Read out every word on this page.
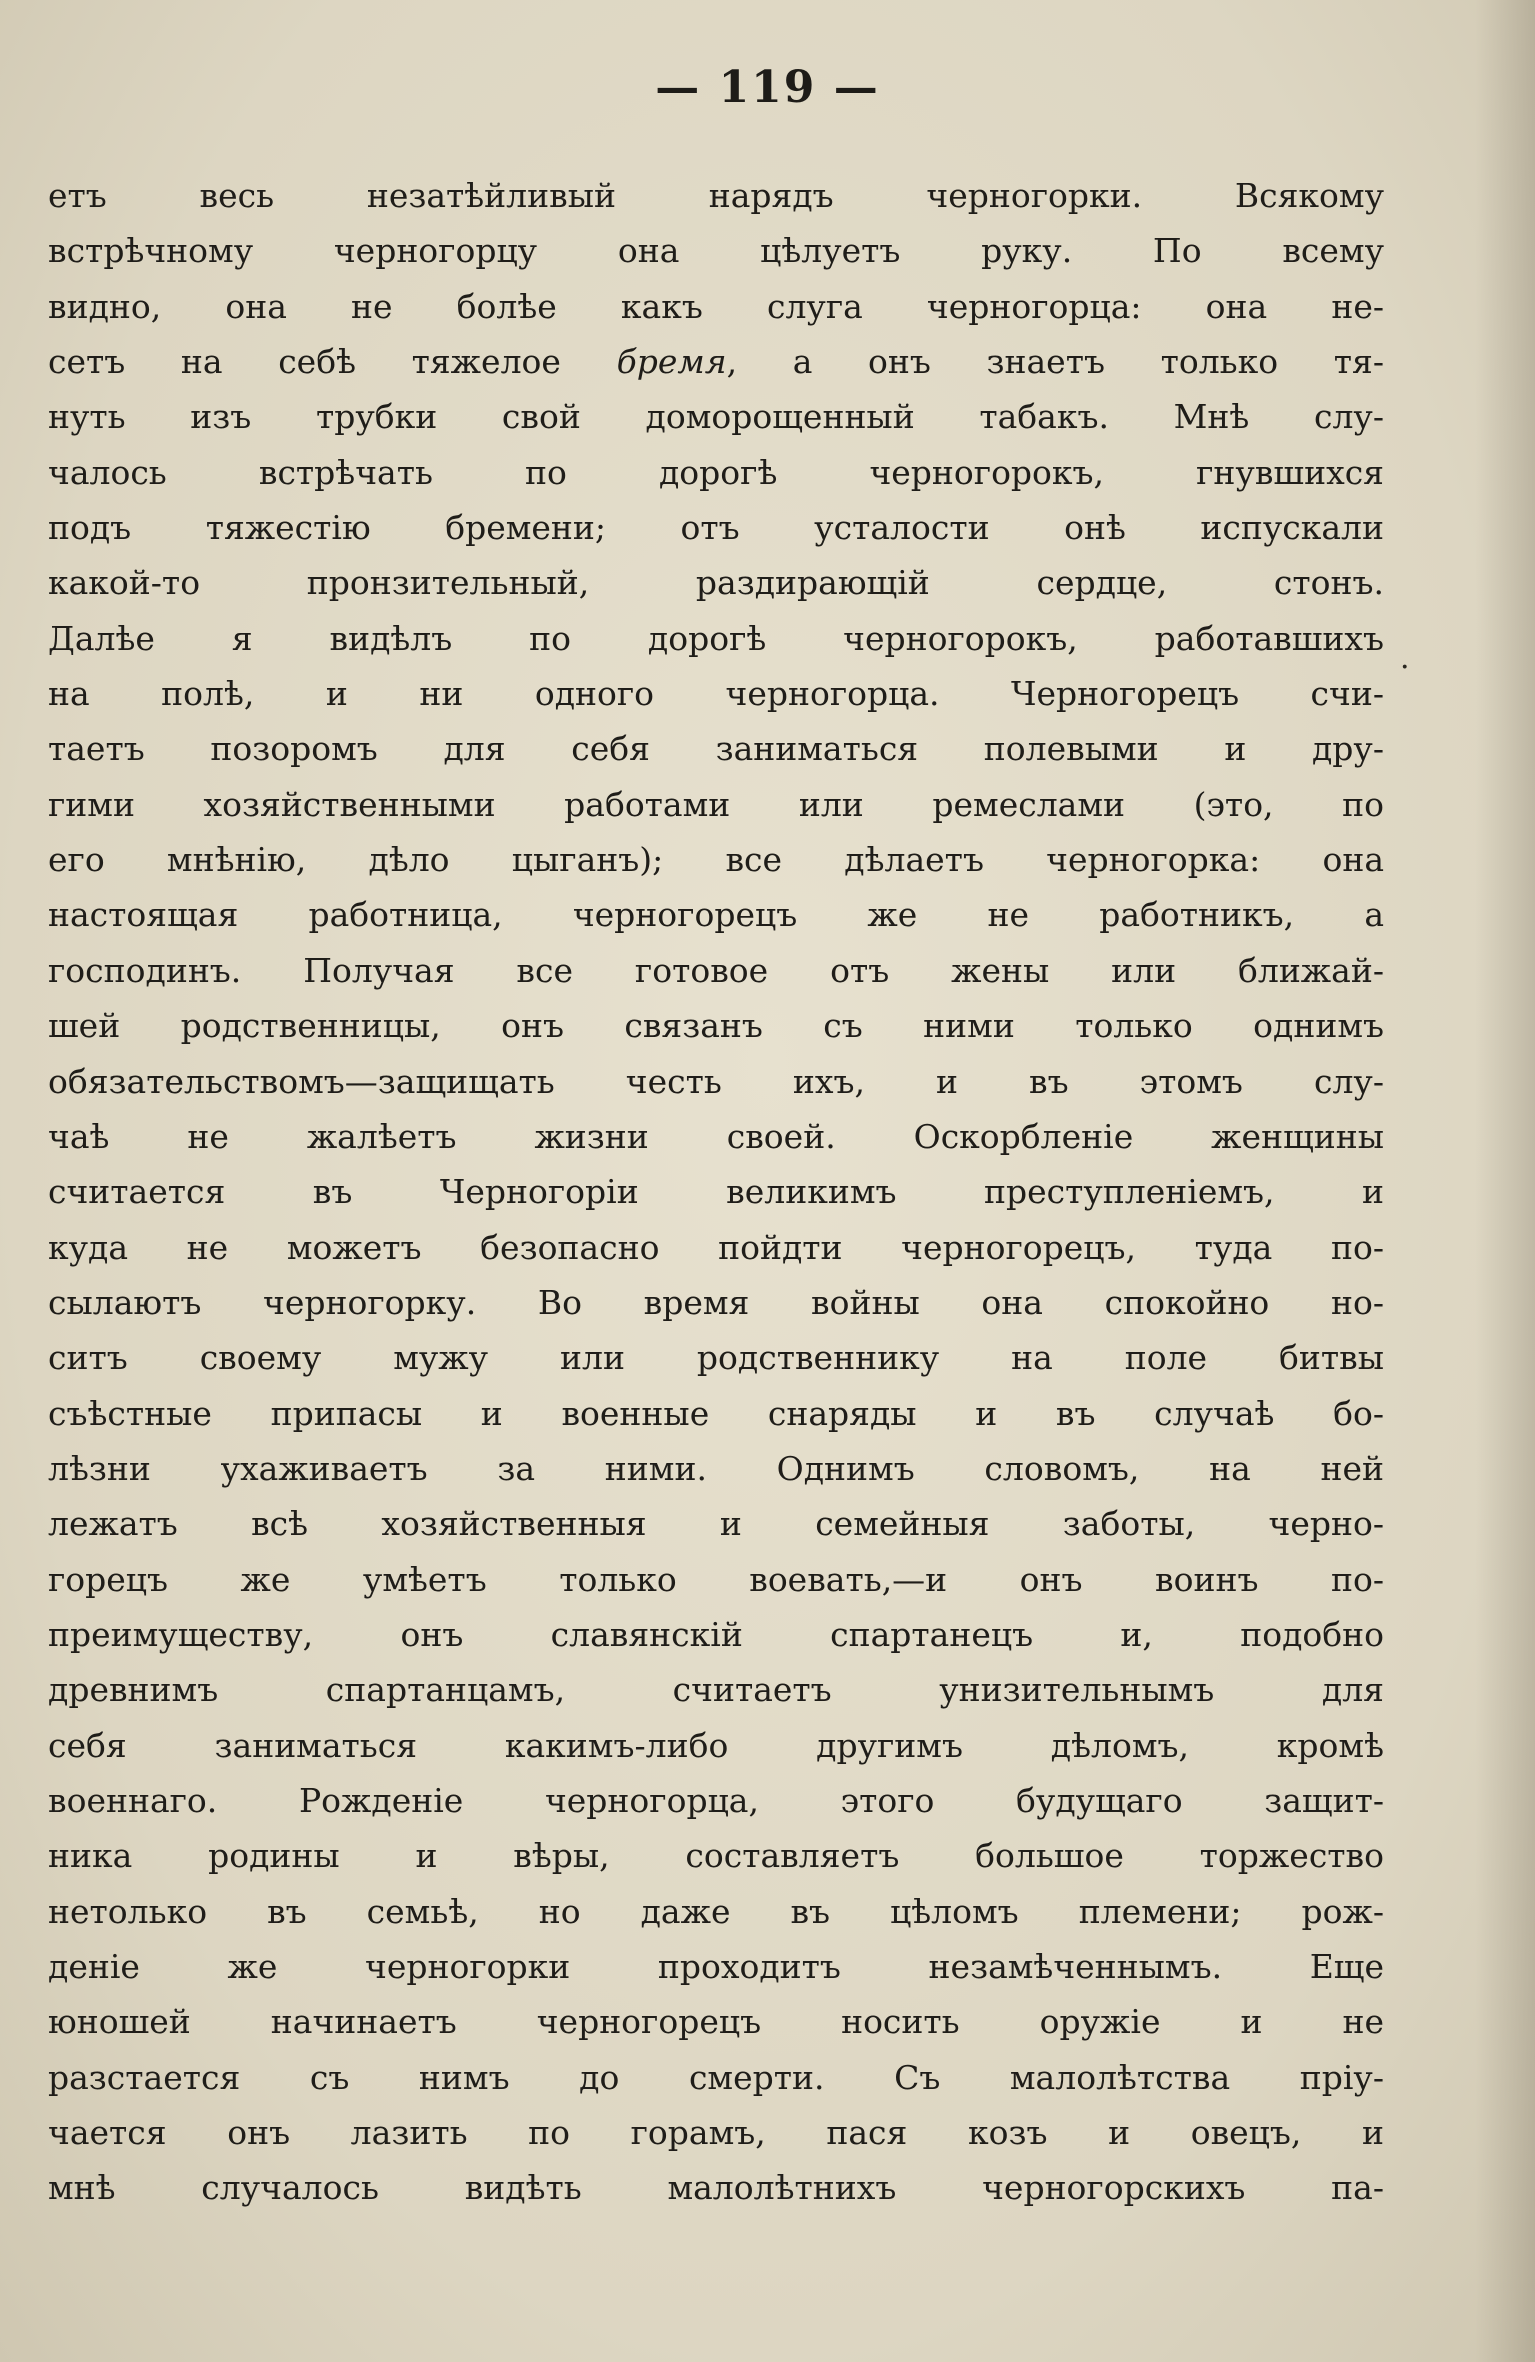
— 119 —
етъ весь незатѣйливый нарядъ черногорки. Всякому
встрѣчному черногорцу она цѣлуетъ руку. По всему
видно, она не болѣе какъ слуга черногорца: она не-
сетъ на себѣ тяжелое бремя, а онъ знаетъ только тя-
нуть изъ трубки свой доморощенный табакъ. Мнѣ слу-
чалось встрѣчать по дорогѣ черногорокъ, гнувшихся
подъ тяжестію бремени; отъ усталости онѣ испускали
какой-то пронзительный, раздирающій сердце, стонъ.
Далѣе я видѣлъ по дорогѣ черногорокъ, работавшихъ
на полѣ, и ни одного черногорца. Черногорецъ счи-
таетъ позоромъ для себя заниматься полевыми и дру-
гими хозяйственными работами или ремеслами (это, по
его мнѣнію, дѣло цыганъ); все дѣлаетъ черногорка: она
настоящая работница, черногорецъ же не работникъ, а
господинъ. Получая все готовое отъ жены или ближай-
шей родственницы, онъ связанъ съ ними только однимъ
обязательствомъ—защищать честь ихъ, и въ этомъ слу-
чаѣ не жалѣетъ жизни своей. Оскорбленіе женщины
считается въ Черногоріи великимъ преступленіемъ, и
куда не можетъ безопасно пойдти черногорецъ, туда по-
сылаютъ черногорку. Во время войны она спокойно но-
ситъ своему мужу или родственнику на поле битвы
съѣстные припасы и военные снаряды и въ случаѣ бо-
лѣзни ухаживаетъ за ними. Однимъ словомъ, на ней
лежатъ всѣ хозяйственныя и семейныя заботы, черно-
горецъ же умѣетъ только воевать,—и онъ воинъ по-
преимуществу, онъ славянскій спартанецъ и, подобно
древнимъ спартанцамъ, считаетъ унизительнымъ для
себя заниматься какимъ-либо другимъ дѣломъ, кромѣ
военнаго. Рожденіе черногорца, этого будущаго защит-
ника родины и вѣры, составляетъ большое торжество
нетолько въ семьѣ, но даже въ цѣломъ племени; рож-
деніе же черногорки проходитъ незамѣченнымъ. Еще
юношей начинаетъ черногорецъ носить оружіе и не
разстается съ нимъ до смерти. Съ малолѣтства пріу-
чается онъ лазить по горамъ, пася козъ и овецъ, и
мнѣ случалось видѣть малолѣтнихъ черногорскихъ па-
·
